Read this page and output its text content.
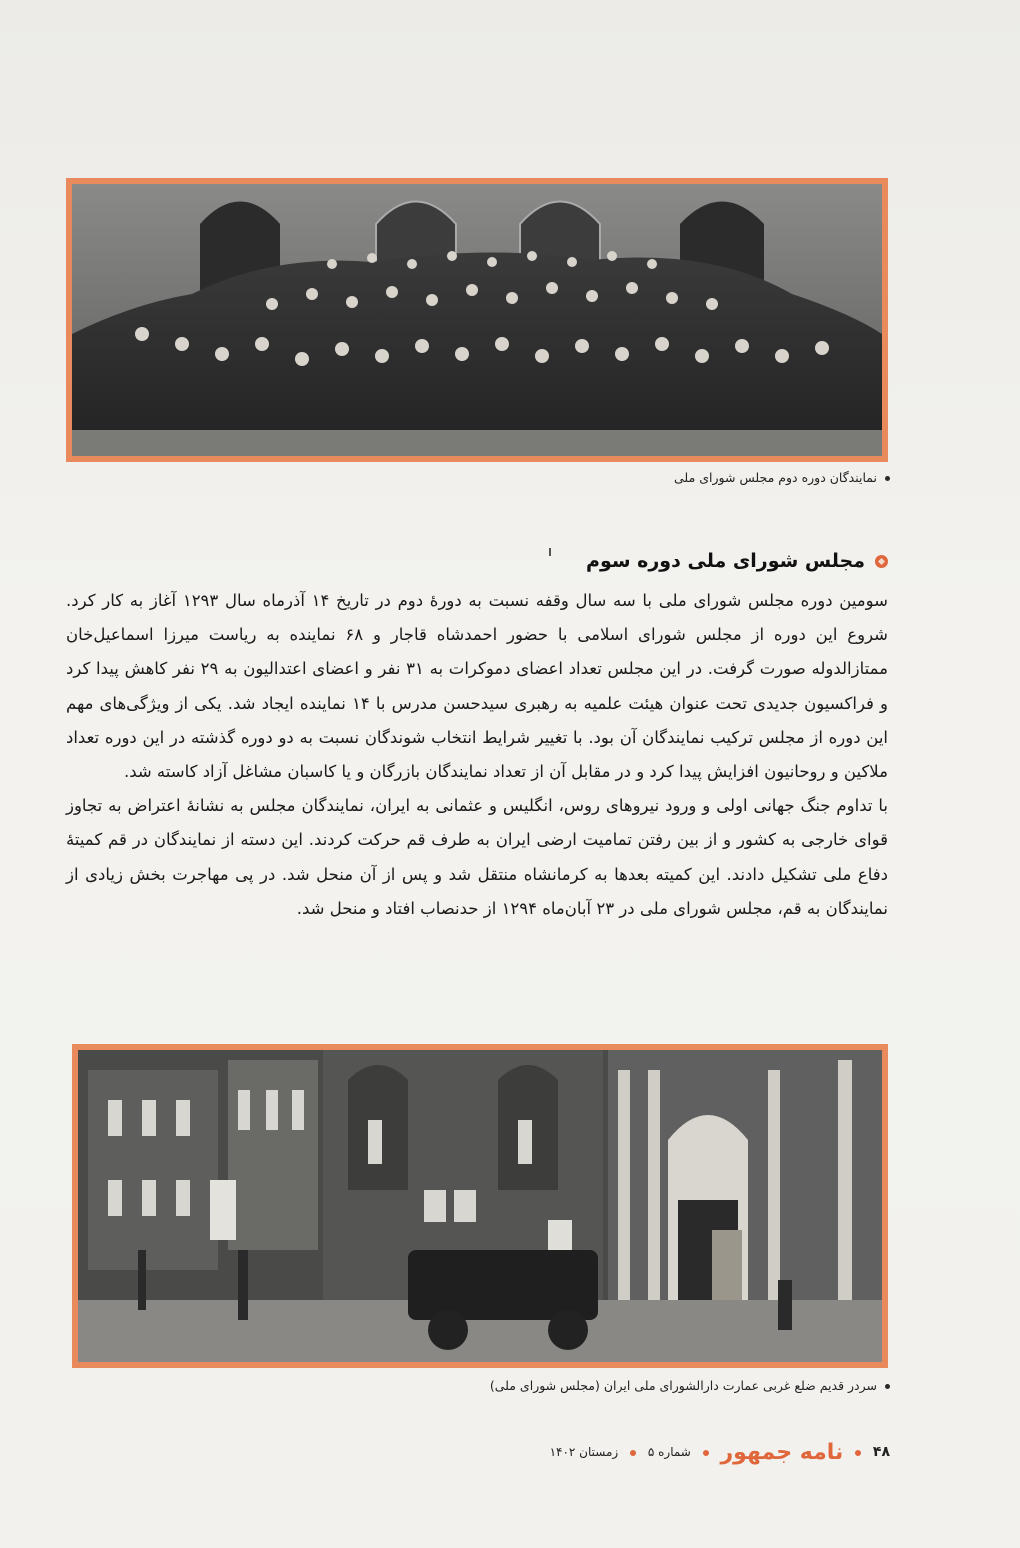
نمایندگان دوره دوم مجلس شورای ملی
مجلس شورای ملی دوره سوم

سومین دوره مجلس شورای ملی با سه سال وقفه نسبت به دورهٔ دوم در تاریخ ۱۴ آذرماه سال ۱۲۹۳ آغاز به کار کرد. شروع این دوره از مجلس شورای اسلامی با حضور احمدشاه قاجار و ۶۸ نماینده به ریاست میرزا اسماعیل‌خان ممتازالدوله صورت گرفت. در این مجلس تعداد اعضای دموکرات به ۳۱ نفر و اعضای اعتدالیون به ۲۹ نفر کاهش پیدا کرد و فراکسیون جدیدی تحت عنوان هیئت علمیه به رهبری سیدحسن مدرس با ۱۴ نماینده ایجاد شد. یکی از ویژگی‌های مهم این دوره از مجلس ترکیب نمایندگان آن بود. با تغییر شرایط انتخاب شوندگان نسبت به دو دوره گذشته در این دوره تعداد ملاکین و روحانیون افزایش پیدا کرد و در مقابل آن از تعداد نمایندگان بازرگان و یا کاسبان مشاغل آزاد کاسته شد.

با تداوم جنگ جهانی اولی و ورود نیروهای روس، انگلیس و عثمانی به ایران، نمایندگان مجلس به نشانهٔ اعتراض به تجاوز قوای خارجی به کشور و از بین رفتن تمامیت ارضی ایران به طرف قم حرکت کردند. این دسته از نمایندگان در قم کمیتهٔ دفاع ملی تشکیل دادند. این کمیته بعدها به کرمانشاه منتقل شد و پس از آن منحل شد. در پی مهاجرت بخش زیادی از نمایندگان به قم، مجلس شورای ملی در ۲۳ آبان‌ماه ۱۲۹۴ از حدنصاب افتاد و منحل شد.

سردر قدیم ضلع غربی عمارت دارالشورای ملی ایران (مجلس شورای ملی)
۴۸  نامه جمهور  شماره ۵  زمستان ۱۴۰۲
